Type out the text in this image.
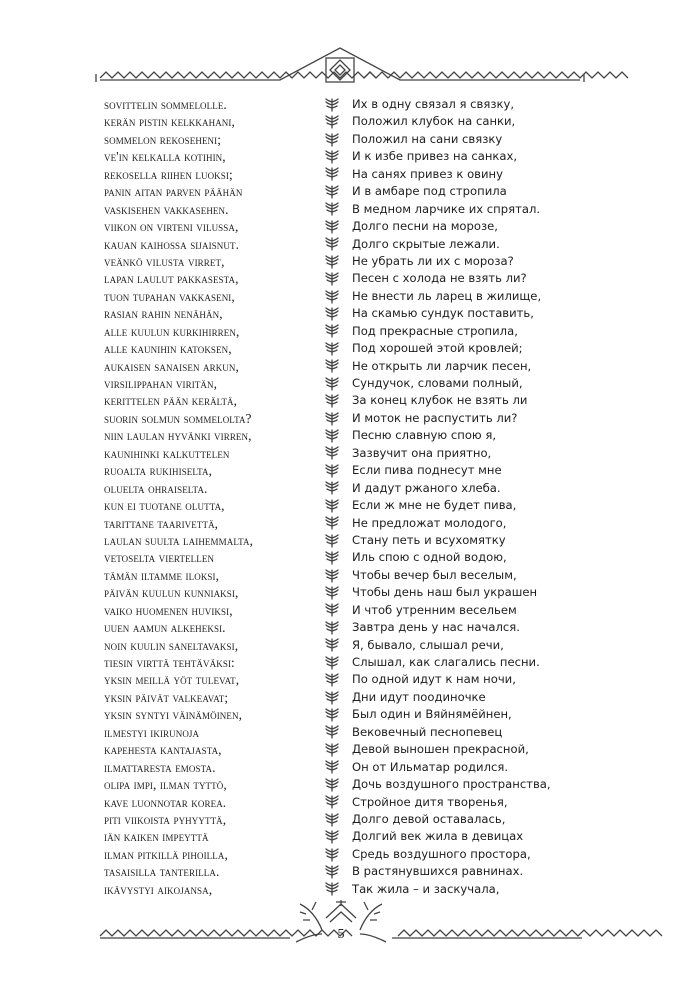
sovittelin sommelolle.
kerän pistin kelkkahani,
sommelon rekoseheni;
ve'in kelkalla kotihin,
rekosella riihen luoksi;
panin aitan parven päähän
vaskisehen vakkasehen.
viikon on virteni vilussa,
kauan kaihossa sijaisnut.
veänkö vilusta virret,
lapan laulut pakkasesta,
tuon tupahan vakkaseni,
rasian rahin nenähän,
alle kuulun kurkihirren,
alle kaunihin katoksen,
aukaisen sanaisen arkun,
virsilippahan viritän,
kerittelen pään kerältä,
suorin solmun sommelolta?
niin laulan hyvänki virren,
kaunihinki kalkuttelen
ruoalta rukihiselta,
oluelta ohraiselta.
kun ei tuotane olutta,
tarittane taarivettä,
laulan suulta laihemmalta,
vetoselta viertellen
tämän iltamme iloksi,
päivän kuulun kunniaksi,
vaiko huomenen huviksi,
uuen aamun alkeheksi.
noin kuulin saneltavaksi,
tiesin virttä tehtäväksi:
yksin meillä yöt tulevat,
yksin päivät valkeavat;
yksin syntyi väinämöinen,
ilmestyi ikirunoja
kapehesta kantajasta,
ilmattaresta emosta.
olipa impi, ilman tyttö,
kave luonnotar korea.
piti viikoista pyhyyttä,
iän kaiken impeyttä
ilman pitkillä pihoilla,
tasaisilla tanterilla.
ikävystyi aikojansa,
Их в одну связал я связку,
Положил клубок на санки,
Положил на сани связку
И к избе привез на санках,
На санях привез к овину
И в амбаре под стропила
В медном ларчике их спрятал.
Долго песни на морозе,
Долго скрытые лежали.
Не убрать ли их с мороза?
Песен с холода не взять ли?
Не внести ль ларец в жилище,
На скамью сундук поставить,
Под прекрасные стропила,
Под хорошей этой кровлей;
Не открыть ли ларчик песен,
Сундучок, словами полный,
За конец клубок не взять ли
И моток не распустить ли?
Песню славную спою я,
Зазвучит она приятно,
Если пива поднесут мне
И дадут ржаного хлеба.
Если ж мне не будет пива,
Не предложат молодого,
Стану петь и всухомятку
Иль спою с одной водою,
Чтобы вечер был веселым,
Чтобы день наш был украшен
И чтоб утренним весельем
Завтра день у нас начался.
Я, бывало, слышал речи,
Слышал, как слагались песни.
По одной идут к нам ночи,
Дни идут поодиночке
Был один и Вяйнямёйнен,
Вековечный песнопевец
Девой выношен прекрасной,
Он от Ильматар родился.
Дочь воздушного пространства,
Стройное дитя творенья,
Долго девой оставалась,
Долгий век жила в девицах
Средь воздушного простора,
В растянувшихся равнинах.
Так жила – и заскучала,
5
